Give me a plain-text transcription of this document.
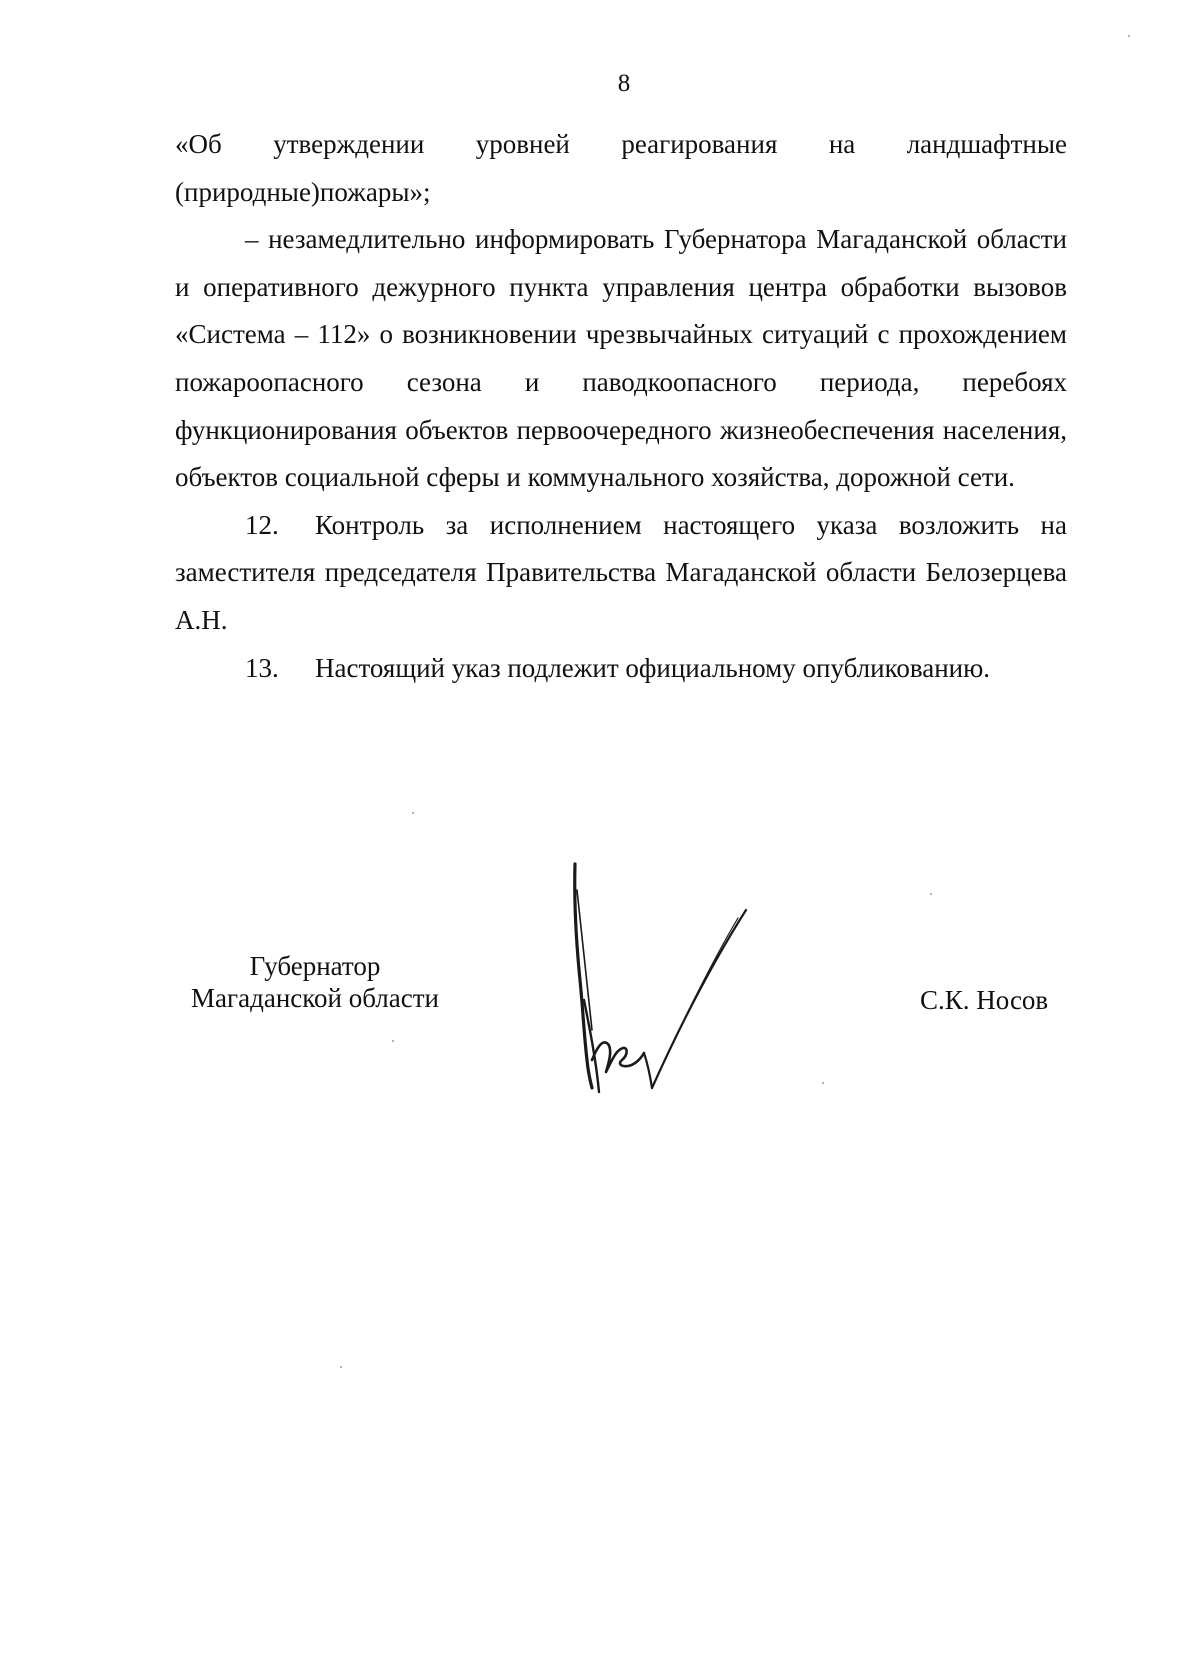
8

«Об утверждении уровней реагирования на ландшафтные (природные)пожары»;

– незамедлительно информировать Губернатора Магаданской области и оперативного дежурного пункта управления центра обработки вызовов «Система – 112» о возникновении чрезвычайных ситуаций с прохождением пожароопасного сезона и паводкоопасного периода, перебоях функционирования объектов первоочередного жизнеобеспечения населения, объектов социальной сферы и коммунального хозяйства, дорожной сети.

12. Контроль за исполнением настоящего указа возложить на заместителя председателя Правительства Магаданской области Белозерцева А.Н.

13. Настоящий указ подлежит официальному опубликованию.

Губернатор
Магаданской области	С.К. Носов
